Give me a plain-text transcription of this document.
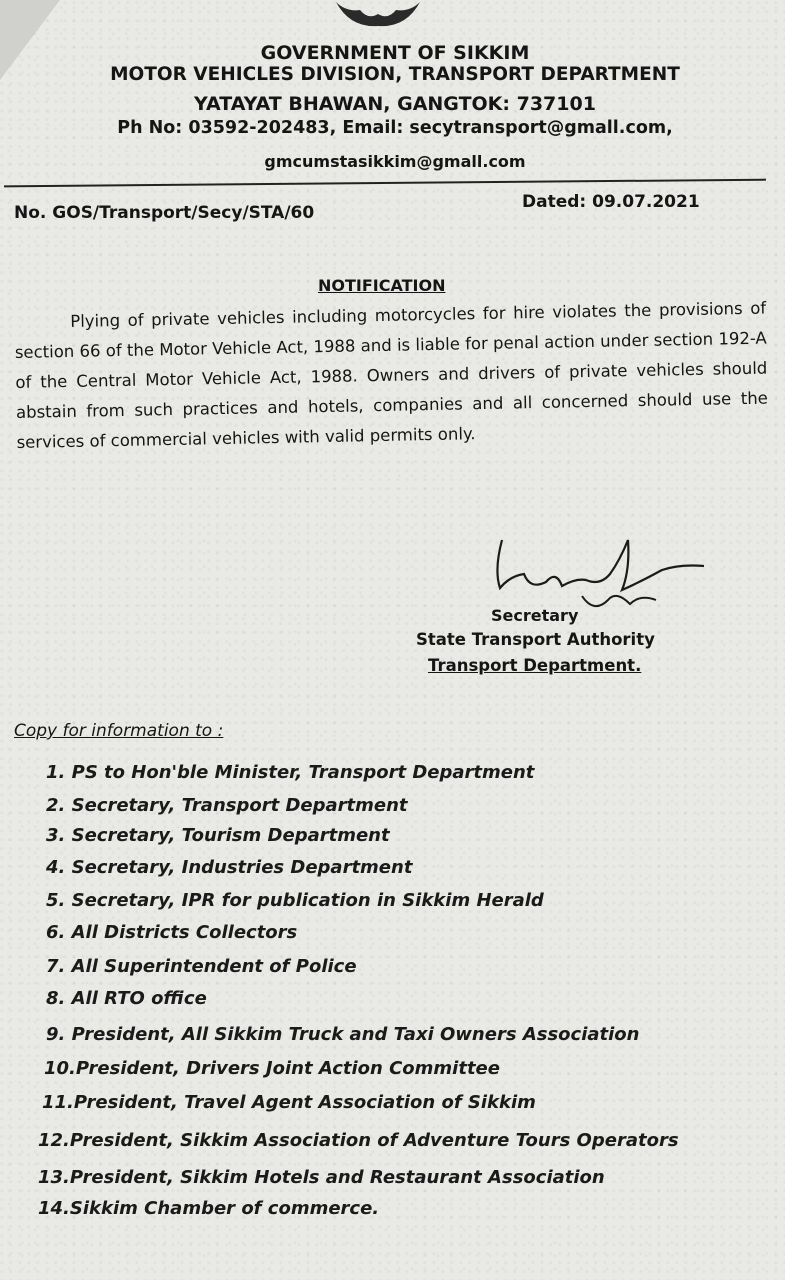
GOVERNMENT OF SIKKIM
MOTOR VEHICLES DIVISION, TRANSPORT DEPARTMENT
YATAYAT BHAWAN, GANGTOK: 737101
Ph No: 03592-202483, Email: secytransport@gmall.com,
gmcumstasikkim@gmall.com
No. GOS/Transport/Secy/STA/60
Dated: 09.07.2021
NOTIFICATION
Plying of private vehicles including motorcycles for hire violates the provisions of section 66 of the Motor Vehicle Act, 1988 and is liable for penal action under section 192-A of the Central Motor Vehicle Act, 1988. Owners and drivers of private vehicles should abstain from such practices and hotels, companies and all concerned should use the services of commercial vehicles with valid permits only.
Secretary
State Transport Authority
Transport Department.
Copy for information to :
1. PS to Hon'ble Minister, Transport Department
2. Secretary, Transport Department
3. Secretary, Tourism Department
4. Secretary, Industries Department
5. Secretary, IPR for publication in Sikkim Herald
6. All Districts Collectors
7. All Superintendent of Police
8. All RTO office
9. President, All Sikkim Truck and Taxi Owners Association
10.President, Drivers Joint Action Committee
11.President, Travel Agent Association of Sikkim
12.President, Sikkim Association of Adventure Tours Operators
13.President, Sikkim Hotels and Restaurant Association
14.Sikkim Chamber of commerce.
